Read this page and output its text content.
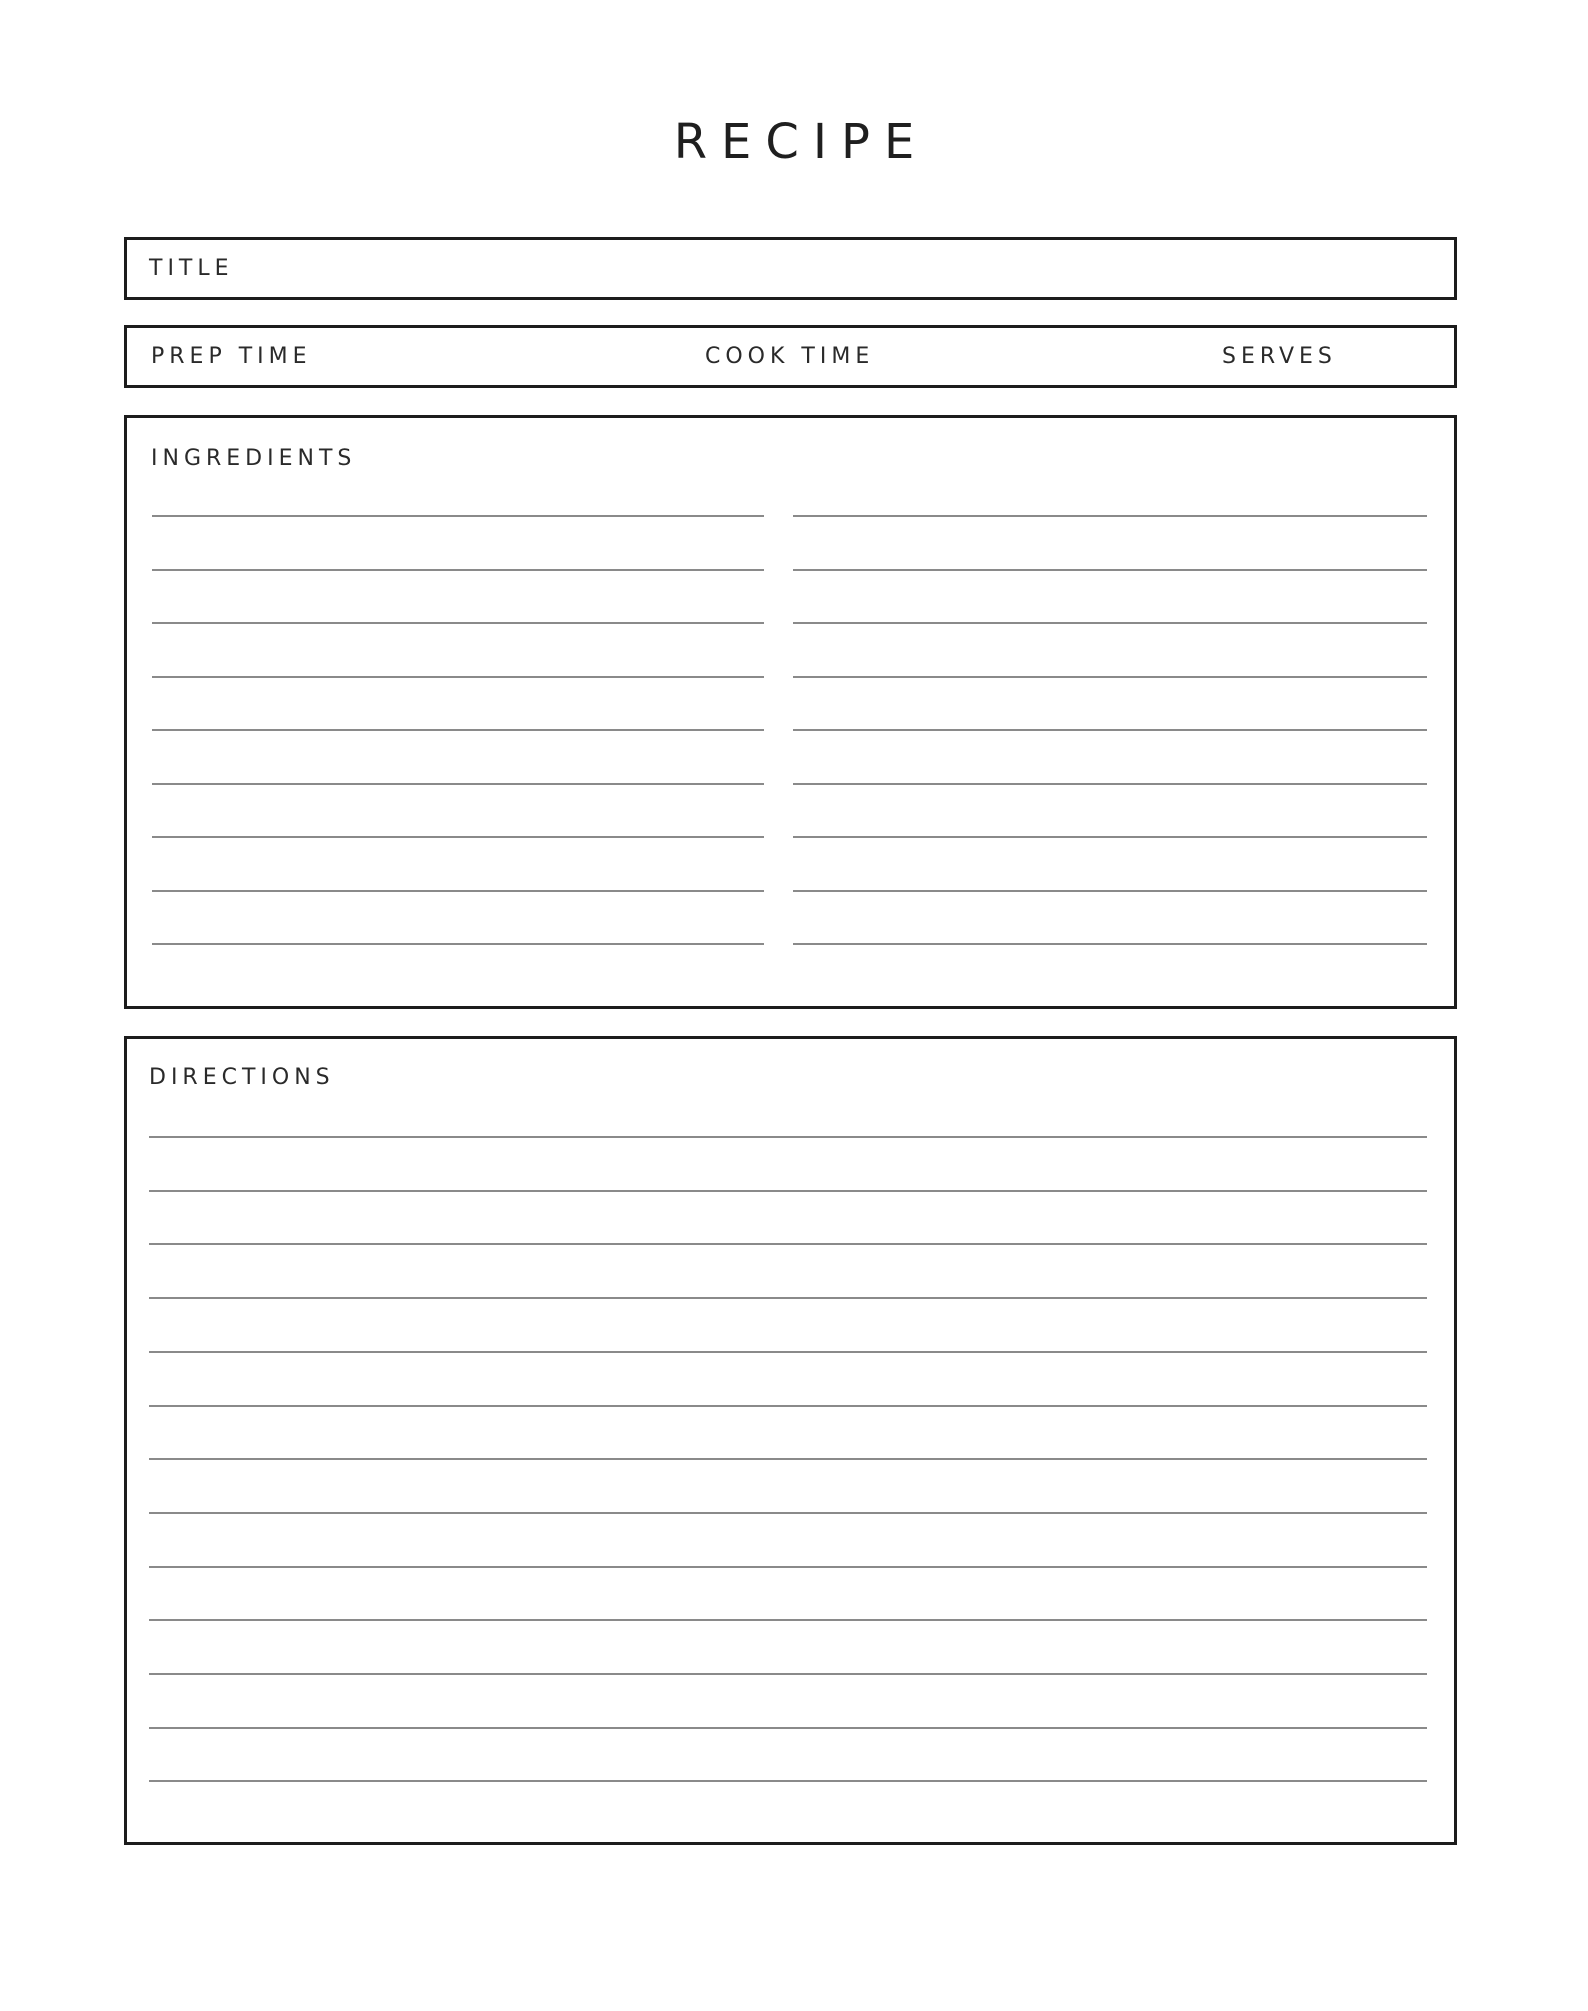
RECIPE
TITLE
PREP TIME	COOK TIME	SERVES
INGREDIENTS
DIRECTIONS
